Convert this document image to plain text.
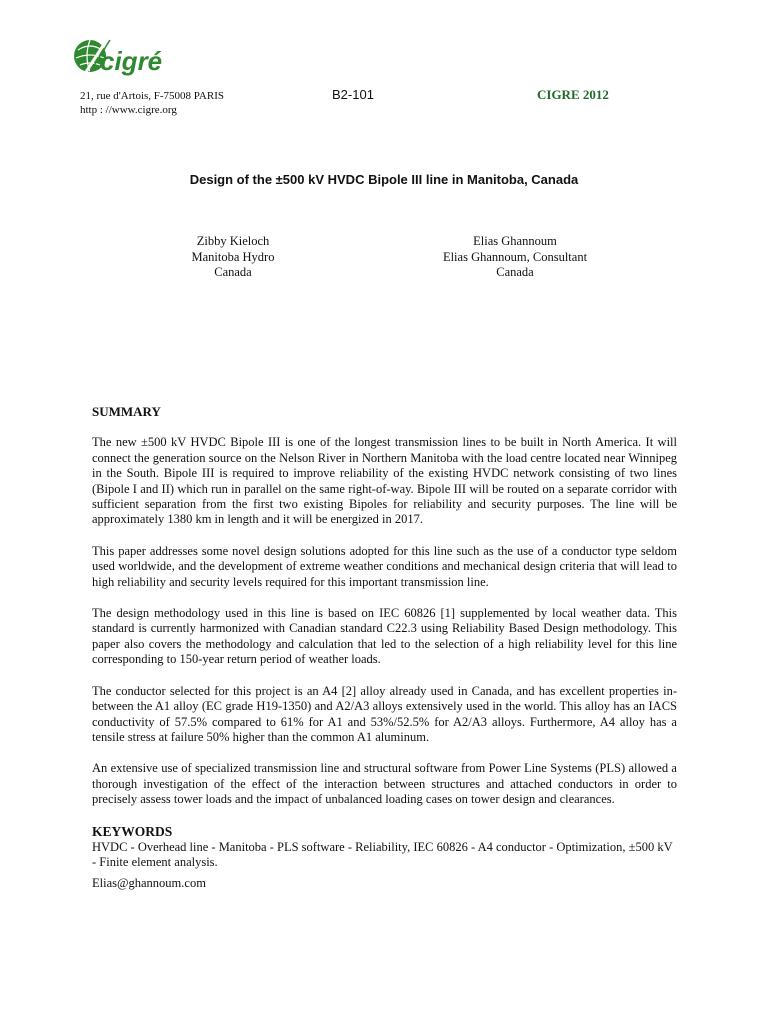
cigré
21, rue d'Artois, F-75008 PARIS
http : //www.cigre.org
B2-101	CIGRE 2012
Design of the ±500 kV HVDC Bipole III line in Manitoba, Canada
Zibby Kieloch
Manitoba Hydro
Canada
Elias Ghannoum
Elias Ghannoum, Consultant
Canada
SUMMARY

The new ±500 kV HVDC Bipole III is one of the longest transmission lines to be built in North America. It will connect the generation source on the Nelson River in Northern Manitoba with the load centre located near Winnipeg in the South. Bipole III is required to improve reliability of the existing HVDC network consisting of two lines (Bipole I and II) which run in parallel on the same right-of-way. Bipole III will be routed on a separate corridor with sufficient separation from the first two existing Bipoles for reliability and security purposes. The line will be approximately 1380 km in length and it will be energized in 2017.

This paper addresses some novel design solutions adopted for this line such as the use of a conductor type seldom used worldwide, and the development of extreme weather conditions and mechanical design criteria that will lead to high reliability and security levels required for this important transmission line.

The design methodology used in this line is based on IEC 60826 [1] supplemented by local weather data. This standard is currently harmonized with Canadian standard C22.3 using Reliability Based Design methodology. This paper also covers the methodology and calculation that led to the selection of a high reliability level for this line corresponding to 150-year return period of weather loads.

The conductor selected for this project is an A4 [2] alloy already used in Canada, and has excellent properties in-between the A1 alloy (EC grade H19-1350) and A2/A3 alloys extensively used in the world. This alloy has an IACS conductivity of 57.5% compared to 61% for A1 and 53%/52.5% for A2/A3 alloys. Furthermore, A4 alloy has a tensile stress at failure 50% higher than the common A1 aluminum.

An extensive use of specialized transmission line and structural software from Power Line Systems (PLS) allowed a thorough investigation of the effect of the interaction between structures and attached conductors in order to precisely assess tower loads and the impact of unbalanced loading cases on tower design and clearances.

KEYWORDS

HVDC - Overhead line - Manitoba - PLS software - Reliability, IEC 60826 - A4 conductor - Optimization, ±500 kV - Finite element analysis.

Elias@ghannoum.com
